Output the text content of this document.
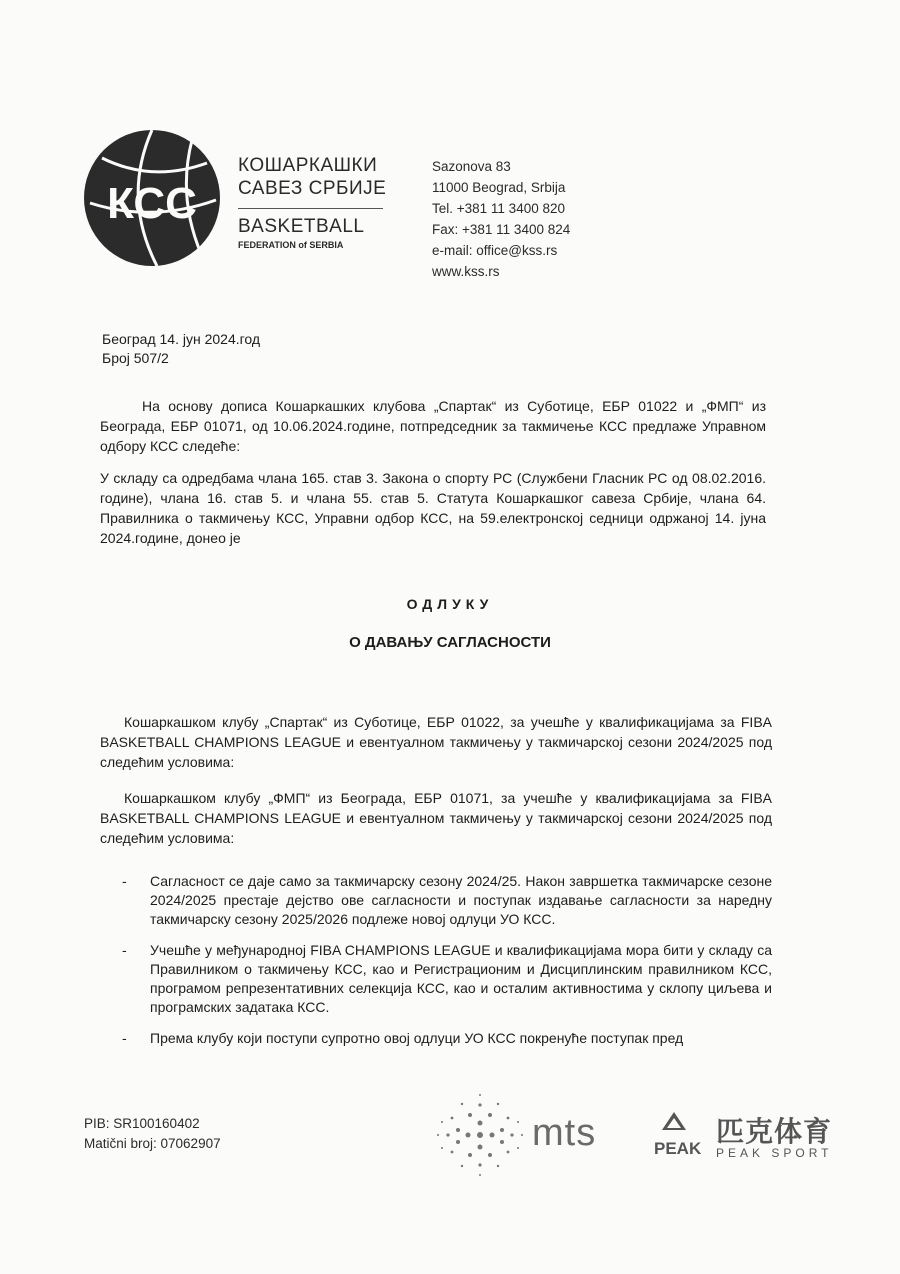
КСС
КОШАРКАШКИ
САВЕЗ СРБИЈЕ
BASKETBALL
FEDERATION of SERBIA
Sazonova 83
11000 Beograd, Srbija
Tel. +381 11 3400 820
Fax: +381 11 3400 824
e-mail: office@kss.rs
www.kss.rs
Београд 14. јун 2024.год
Број 507/2
На основу дописа Кошаркашких клубова „Спартак“ из Суботице, ЕБР 01022 и „ФМП“ из Београда, ЕБР 01071, од 10.06.2024.године, потпредседник за такмичење КСС предлаже Управном одбору КСС следеће:
У складу са одредбама члана 165. став 3. Закона о спорту РС (Службени Гласник РС од 08.02.2016. године), члана 16. став 5. и члана 55. став 5. Статута Кошаркашког савеза Србије, члана 64. Правилника о такмичењу КСС, Управни одбор КСС, на 59.електронској седници одржаној 14. јуна 2024.године, донео је
ОДЛУКУ
О ДАВАЊУ САГЛАСНОСТИ
Кошаркашком клубу „Спартак“ из Суботице, ЕБР 01022, за учешће у квалификацијама за FIBA BASKETBALL CHAMPIONS LEAGUE и евентуалном такмичењу у такмичарској сезони 2024/2025 под следећим условима:
Кошаркашком клубу „ФМП“ из Београда, ЕБР 01071, за учешће у квалификацијама за FIBA BASKETBALL CHAMPIONS LEAGUE и евентуалном такмичењу у такмичарској сезони 2024/2025 под следећим условима:
- Сагласност се даје само за такмичарску сезону 2024/25. Након завршетка такмичарске сезоне 2024/2025 престаје дејство ове сагласности и поступак издавање сагласности за наредну такмичарску сезону 2025/2026 подлеже новој одлуци УО КСС.
- Учешће у међународној FIBA CHAMPIONS LEAGUE и квалификацијама мора бити у складу са Правилником о такмичењу КСС, као и Регистрационим и Дисциплинским правилником КСС, програмом репрезентативних селекција КСС, као и осталим активностима у склопу циљева и програмских задатака КСС.
- Према клубу који поступи супротно овој одлуци УО КСС покренуће поступак пред
PIB: SR100160402
Matični broj: 07062907	mts	PEAK
匹克体育
PEAK SPORT
